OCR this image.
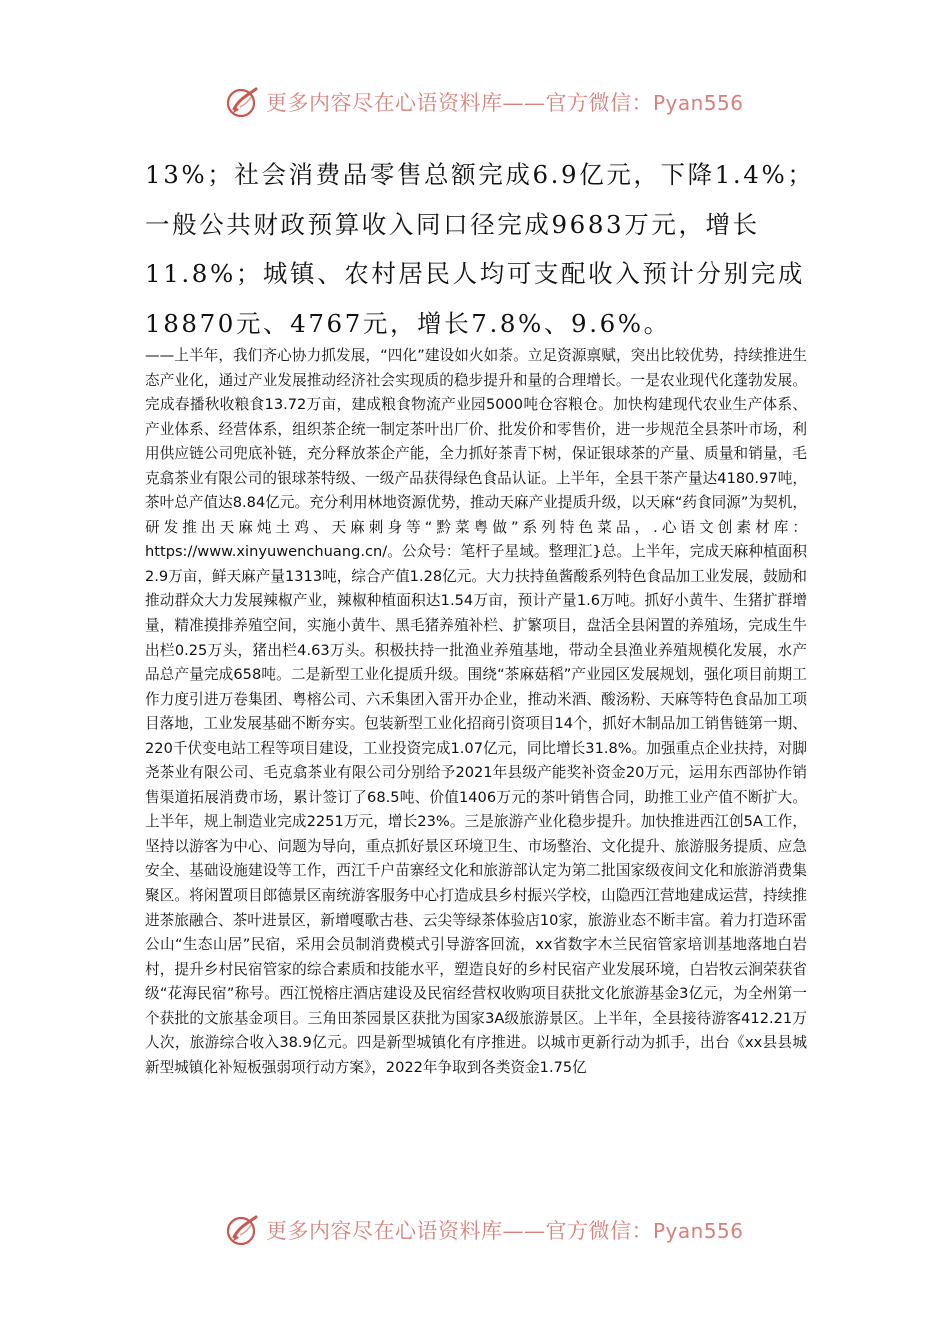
更多内容尽在心语资料库——官方微信：Pyan556

13%；社会消费品零售总额完成6.9亿元，下降1.4%；一般公共财政预算收入同口径完成9683万元，增长11.8%；城镇、农村居民人均可支配收入预计分别完成18870元、4767元，增长7.8%、9.6%。

——上半年，我们齐心协力抓发展，“四化”建设如火如荼。立足资源禀赋，突出比较优势，持续推进生态产业化，通过产业发展推动经济社会实现质的稳步提升和量的合理增长。一是农业现代化蓬勃发展。完成春播秋收粮食13.72万亩，建成粮食物流产业园5000吨仓容粮仓。加快构建现代农业生产体系、产业体系、经营体系，组织茶企统一制定茶叶出厂价、批发价和零售价，进一步规范全县茶叶市场，利用供应链公司兜底补链，充分释放茶企产能，全力抓好茶青下树，保证银球茶的产量、质量和销量，毛克翕茶业有限公司的银球茶特级、一级产品获得绿色食品认证。上半年，全县干茶产量达4180.97吨，茶叶总产值达8.84亿元。充分利用林地资源优势，推动天麻产业提质升级，以天麻“药食同源”为契机，研发推出天麻炖土鸡、天麻刺身等“黔菜粤做”系列特色菜品，.心语文创素材库：https://www.xinyuwenchuang.cn/。公众号：笔杆子星域。整理汇}总。上半年，完成天麻种植面积2.9万亩，鲜天麻产量1313吨，综合产值1.28亿元。大力扶持鱼酱酸系列特色食品加工业发展，鼓励和推动群众大力发展辣椒产业，辣椒种植面积达1.54万亩，预计产量1.6万吨。抓好小黄牛、生猪扩群增量，精准摸排养殖空间，实施小黄牛、黑毛猪养殖补栏、扩繁项目，盘活全县闲置的养殖场，完成生牛出栏0.25万头，猪出栏4.63万头。积极扶持一批渔业养殖基地，带动全县渔业养殖规模化发展，水产品总产量完成658吨。二是新型工业化提质升级。围绕“茶麻菇稻”产业园区发展规划，强化项目前期工作力度引进万卷集团、粤榕公司、六禾集团入雷开办企业，推动米酒、酸汤粉、天麻等特色食品加工项目落地，工业发展基础不断夯实。包装新型工业化招商引资项目14个，抓好木制品加工销售链第一期、220千伏变电站工程等项目建设，工业投资完成1.07亿元，同比增长31.8%。加强重点企业扶持，对脚尧茶业有限公司、毛克翕茶业有限公司分别给予2021年县级产能奖补资金20万元，运用东西部协作销售渠道拓展消费市场，累计签订了68.5吨、价值1406万元的茶叶销售合同，助推工业产值不断扩大。上半年，规上制造业完成2251万元，增长23%。三是旅游产业化稳步提升。加快推进西江创5A工作，坚持以游客为中心、问题为导向，重点抓好景区环境卫生、市场整治、文化提升、旅游服务提质、应急安全、基础设施建设等工作，西江千户苗寨经文化和旅游部认定为第二批国家级夜间文化和旅游消费集聚区。将闲置项目郎德景区南统游客服务中心打造成县乡村振兴学校，山隐西江营地建成运营，持续推进茶旅融合、茶叶进景区，新增嘎歌古巷、云尖等绿茶体验店10家，旅游业态不断丰富。着力打造环雷公山“生态山居”民宿，采用会员制消费模式引导游客回流，xx省数字木兰民宿管家培训基地落地白岩村，提升乡村民宿管家的综合素质和技能水平，塑造良好的乡村民宿产业发展环境，白岩牧云涧荣获省级“花海民宿”称号。西江悦榕庄酒店建设及民宿经营权收购项目获批文化旅游基金3亿元，为全州第一个获批的文旅基金项目。三角田茶园景区获批为国家3A级旅游景区。上半年，全县接待游客412.21万人次，旅游综合收入38.9亿元。四是新型城镇化有序推进。以城市更新行动为抓手，出台《xx县县城新型城镇化补短板强弱项行动方案》，2022年争取到各类资金1.75亿

更多内容尽在心语资料库——官方微信：Pyan556
